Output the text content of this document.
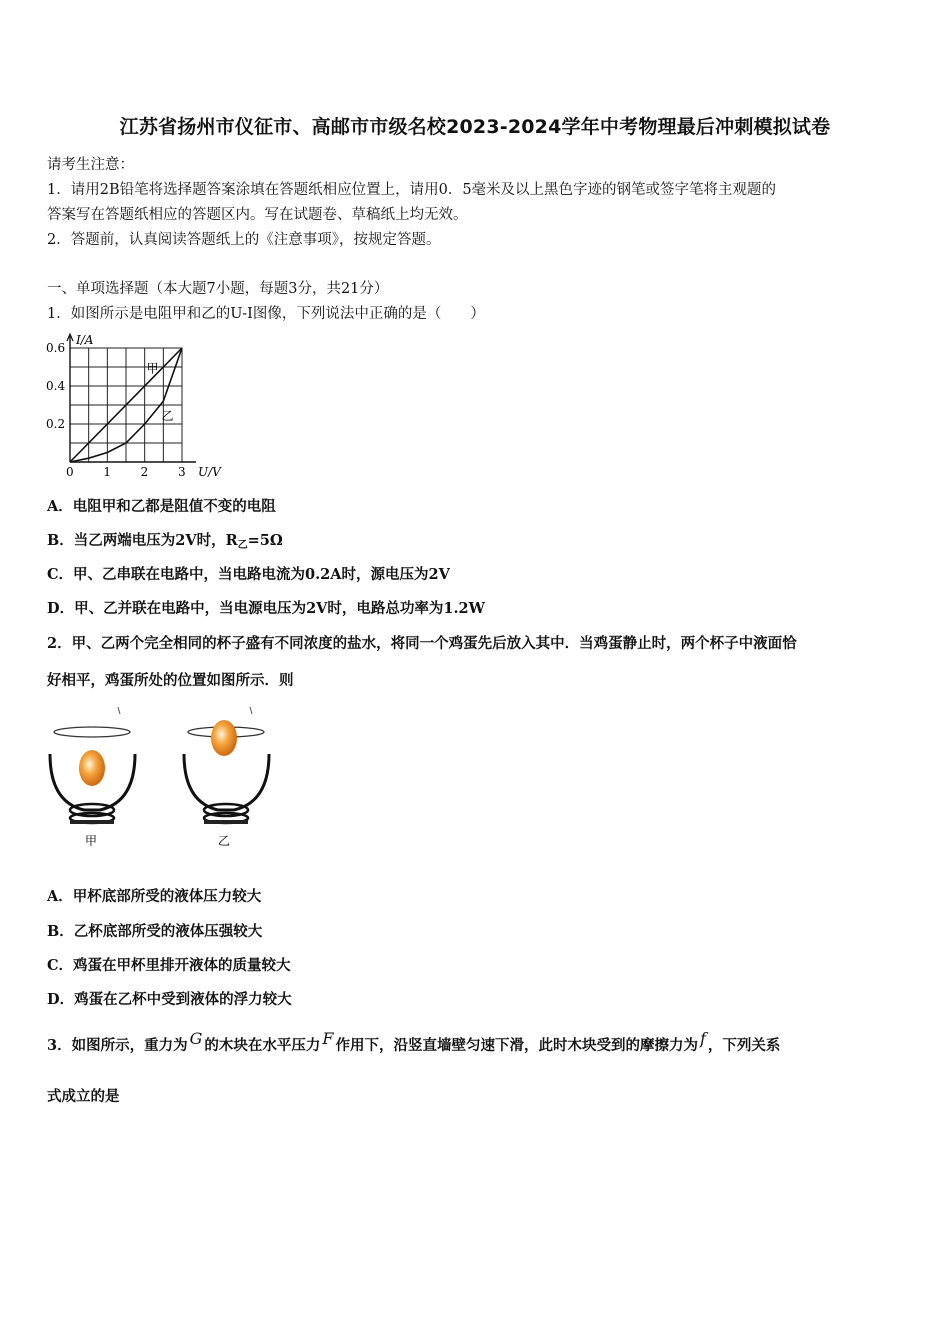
江苏省扬州市仪征市、高邮市市级名校2023-2024学年中考物理最后冲刺模拟试卷
请考生注意：
1．请用2B铅笔将选择题答案涂填在答题纸相应位置上，请用0．5毫米及以上黑色字迹的钢笔或签字笔将主观题的
答案写在答题纸相应的答题区内。写在试题卷、草稿纸上均无效。
2．答题前，认真阅读答题纸上的《注意事项》，按规定答题。
一、单项选择题（本大题7小题，每题3分，共21分）
1．如图所示是电阻甲和乙的U-I图像，下列说法中正确的是（　　）
0 1 2 3
0.2
0.4
0.6
甲
乙
I/A
U/V
A．电阻甲和乙都是阻值不变的电阻
B．当乙两端电压为2V时，$R_乙=5\Omega$
C．甲、乙串联在电路中，当电路电流为0.2A时，源电压为2V
D．甲、乙并联在电路中，当电源电压为2V时，电路总功率为1.2W
2．甲、乙两个完全相同的杯子盛有不同浓度的盐水，将同一个鸡蛋先后放入其中．当鸡蛋静止时，两个杯子中液面恰
好相平，鸡蛋所处的位置如图所示．则
甲	乙
A．甲杯底部所受的液体压力较大
B．乙杯底部所受的液体压强较大
C．鸡蛋在甲杯里排开液体的质量较大
D．鸡蛋在乙杯中受到液体的浮力较大
3．如图所示，重力为 G 的木块在水平压力 F 作用下，沿竖直墙壁匀速下滑，此时木块受到的摩擦力为 f ，下列关系
式成立的是
